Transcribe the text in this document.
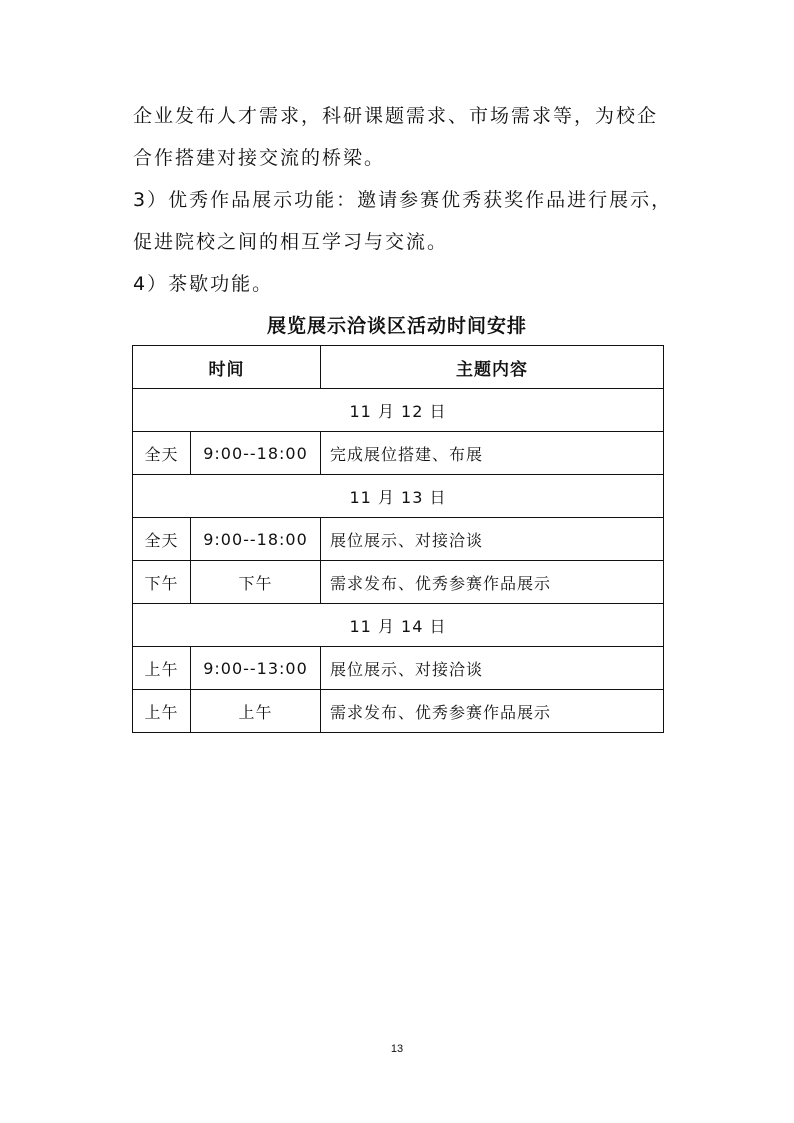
企业发布人才需求，科研课题需求、市场需求等，为校企

合作搭建对接交流的桥梁。

3）优秀作品展示功能：邀请参赛优秀获奖作品进行展示，

促进院校之间的相互学习与交流。

4）茶歇功能。

展览展示洽谈区活动时间安排
时间		主题内容
11 月 12 日		
全天	9:00--18:00	完成展位搭建、布展
11 月 13 日		
全天	9:00--18:00	展位展示、对接洽谈
下午	下午	需求发布、优秀参赛作品展示
11 月 14 日		
上午	9:00--13:00	展位展示、对接洽谈
上午	上午	需求发布、优秀参赛作品展示
13
